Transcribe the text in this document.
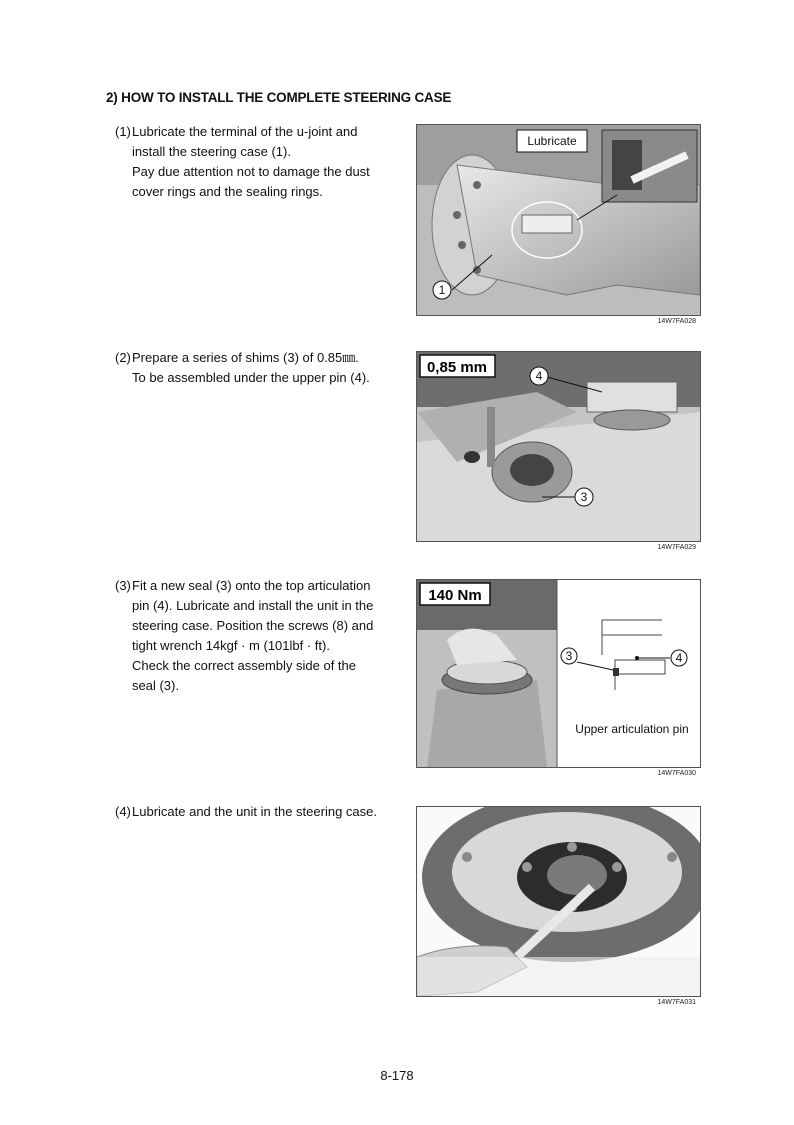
2) HOW TO INSTALL THE COMPLETE STEERING CASE
(1) Lubricate the terminal of the u-joint and
install the steering case (1).
Pay due attention not to damage the dust
cover rings and the sealing rings.
Lubricate
1
14W7FA028
(2) Prepare a series of shims (3) of 0.85㎜.
To be assembled under the upper pin (4).
0,85 mm	4
3
14W7FA029
(3) Fit a new seal (3) onto the top articulation
pin (4). Lubricate and install the unit in the
steering case. Position the screws (8) and
tight wrench 14kgf · m (101lbf · ft).
Check the correct assembly side of the
seal (3).
140 Nm
4
3
Upper articulation pin
14W7FA030
(4) Lubricate and the unit in the steering case.
14W7FA031
8-178
